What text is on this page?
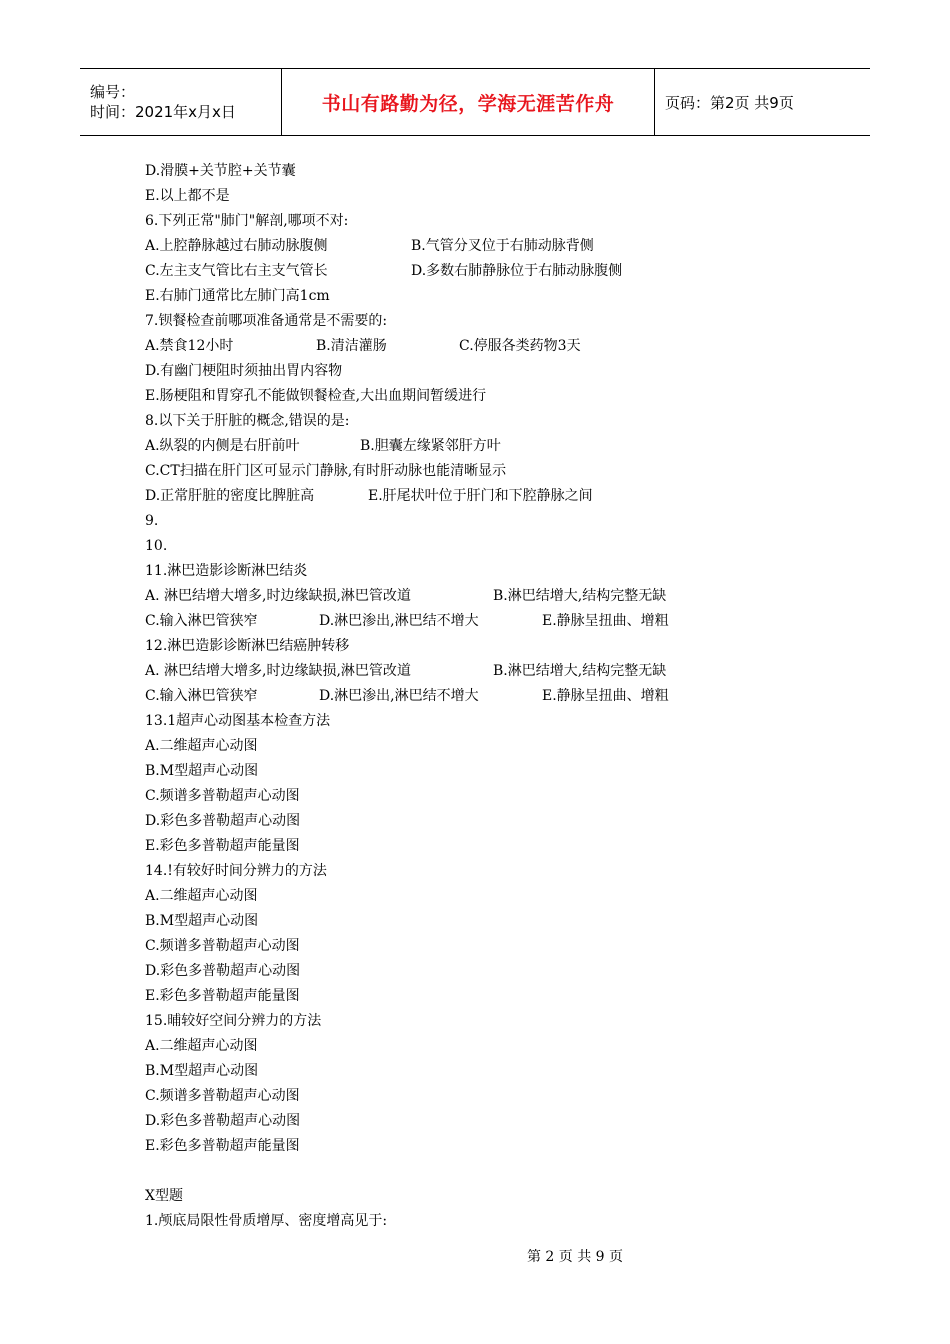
编号：
时间：2021年x月x日	书山有路勤为径，学海无涯苦作舟	页码：第2页 共9页
D.滑膜+关节腔+关节囊
E.以上都不是
6.下列正常"肺门"解剖,哪项不对:
A.上腔静脉越过右肺动脉腹侧	B.气管分叉位于右肺动脉背侧
C.左主支气管比右主支气管长	D.多数右肺静脉位于右肺动脉腹侧
E.右肺门通常比左肺门高1cm
7.钡餐检查前哪项准备通常是不需要的:
A.禁食12小时	B.清洁灌肠	C.停服各类药物3天
D.有幽门梗阻时须抽出胃内容物
E.肠梗阻和胃穿孔不能做钡餐检查,大出血期间暂缓进行
8.以下关于肝脏的概念,错误的是:
A.纵裂的内侧是右肝前叶	B.胆囊左缘紧邻肝方叶
C.CT扫描在肝门区可显示门静脉,有时肝动脉也能清晰显示
D.正常肝脏的密度比脾脏高	E.肝尾状叶位于肝门和下腔静脉之间
9.
10.
11.淋巴造影诊断淋巴结炎
A. 淋巴结增大增多,时边缘缺损,淋巴管改道	B.淋巴结增大,结构完整无缺
C.输入淋巴管狭窄	D.淋巴渗出,淋巴结不增大	E.静脉呈扭曲、增粗
12.淋巴造影诊断淋巴结癌肿转移
A. 淋巴结增大增多,时边缘缺损,淋巴管改道	B.淋巴结增大,结构完整无缺
C.输入淋巴管狭窄	D.淋巴渗出,淋巴结不增大	E.静脉呈扭曲、增粗
13.1超声心动图基本检查方法
A.二维超声心动图
B.M型超声心动图
C.频谱多普勒超声心动图
D.彩色多普勒超声心动图
E.彩色多普勒超声能量图
14.!有较好时间分辨力的方法
A.二维超声心动图
B.M型超声心动图
C.频谱多普勒超声心动图
D.彩色多普勒超声心动图
E.彩色多普勒超声能量图
15.晡较好空间分辨力的方法
A.二维超声心动图
B.M型超声心动图
C.频谱多普勒超声心动图
D.彩色多普勒超声心动图
E.彩色多普勒超声能量图
X型题
1.颅底局限性骨质增厚、密度增高见于:
第 2 页 共 9 页
